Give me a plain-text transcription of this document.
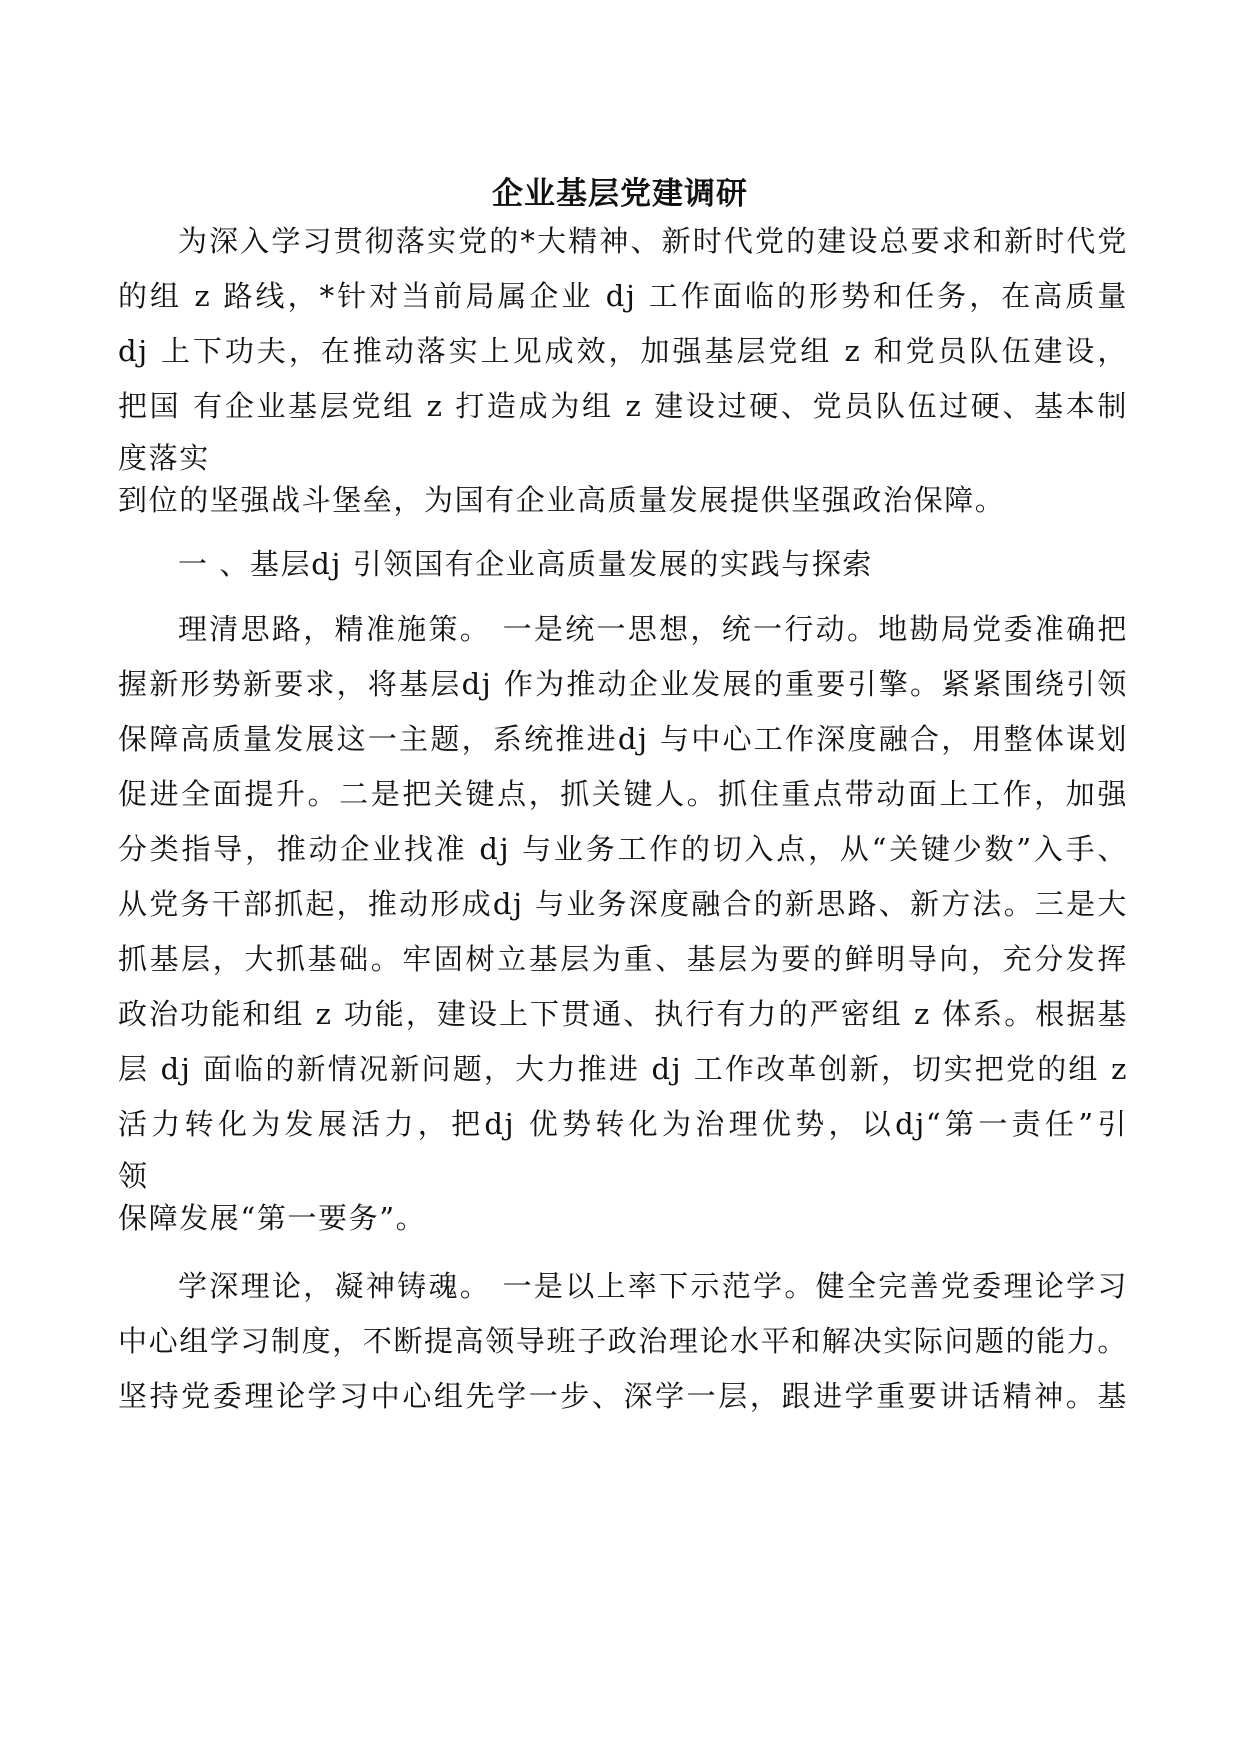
企业基层党建调研
为深入学习贯彻落实党的*大精神、新时代党的建设总要求和新时代党
的组 z 路线，*针对当前局属企业 dj 工作面临的形势和任务，在高质量
dj 上下功夫，在推动落实上见成效，加强基层党组 z 和党员队伍建设，
把国 有企业基层党组 z 打造成为组 z 建设过硬、党员队伍过硬、基本制
度落实
到位的坚强战斗堡垒，为国有企业高质量发展提供坚强政治保障。
一 、基层dj 引领国有企业高质量发展的实践与探索
理清思路，精准施策。 一是统一思想，统一行动。地勘局党委准确把
握新形势新要求，将基层dj 作为推动企业发展的重要引擎。紧紧围绕引领
保障高质量发展这一主题，系统推进dj 与中心工作深度融合，用整体谋划
促进全面提升。二是把关键点，抓关键人。抓住重点带动面上工作，加强
分类指导，推动企业找准 dj 与业务工作的切入点，从“关键少数”入手、
从党务干部抓起，推动形成dj 与业务深度融合的新思路、新方法。三是大
抓基层，大抓基础。牢固树立基层为重、基层为要的鲜明导向，充分发挥
政治功能和组 z 功能，建设上下贯通、执行有力的严密组 z 体系。根据基
层 dj 面临的新情况新问题，大力推进 dj 工作改革创新，切实把党的组 z
活力转化为发展活力，把dj 优势转化为治理优势，以dj“第一责任”引
领
保障发展“第一要务”。
学深理论，凝神铸魂。 一是以上率下示范学。健全完善党委理论学习
中心组学习制度，不断提高领导班子政治理论水平和解决实际问题的能力。
坚持党委理论学习中心组先学一步、深学一层，跟进学重要讲话精神。基
